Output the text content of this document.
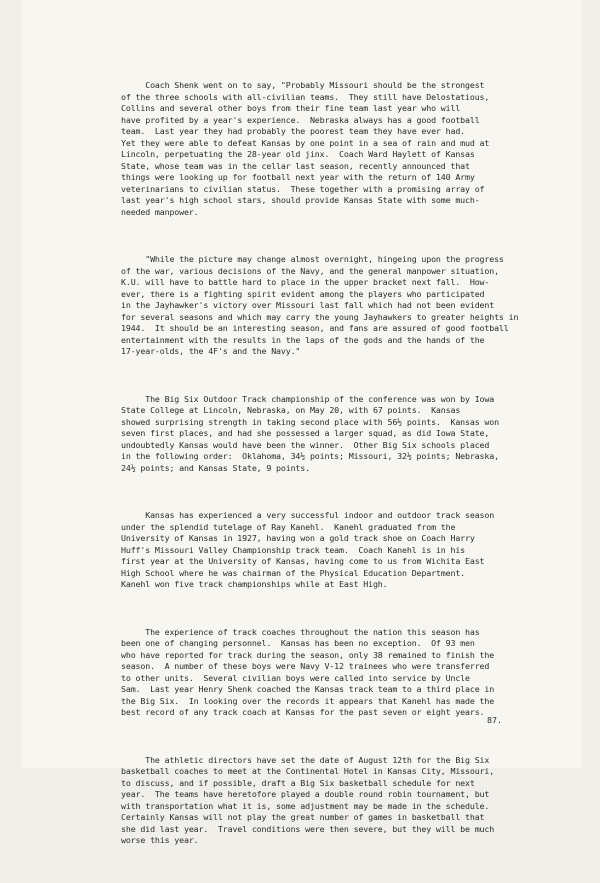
Coach Shenk went on to say, "Probably Missouri should be the strongest
of the three schools with all-civilian teams.  They still have Delostatious,
Collins and several other boys from their fine team last year who will
have profited by a year's experience.  Nebraska always has a good football
team.  Last year they had probably the poorest team they have ever had.
Yet they were able to defeat Kansas by one point in a sea of rain and mud at
Lincoln, perpetuating the 28-year old jinx.  Coach Ward Haylett of Kansas
State, whose team was in the cellar last season, recently announced that
things were looking up for football next year with the return of 140 Army
veterinarians to civilian status.  These together with a promising array of
last year's high school stars, should provide Kansas State with some much-
needed manpower.

"While the picture may change almost overnight, hingeing upon the progress
of the war, various decisions of the Navy, and the general manpower situation,
K.U. will have to battle hard to place in the upper bracket next fall.  How-
ever, there is a fighting spirit evident among the players who participated
in the Jayhawker's victory over Missouri last fall which had not been evident
for several seasons and which may carry the young Jayhawkers to greater heights in
1944.  It should be an interesting season, and fans are assured of good football
entertainment with the results in the laps of the gods and the hands of the
17-year-olds, the 4F's and the Navy."

The Big Six Outdoor Track championship of the conference was won by Iowa
State College at Lincoln, Nebraska, on May 20, with 67 points.  Kansas
showed surprising strength in taking second place with 56½ points.  Kansas won
seven first places, and had she possessed a larger squad, as did Iowa State,
undoubtedly Kansas would have been the winner.  Other Big Six schools placed
in the following order:  Oklahoma, 34½ points; Missouri, 32½ points; Nebraska,
24½ points; and Kansas State, 9 points.

Kansas has experienced a very successful indoor and outdoor track season
under the splendid tutelage of Ray Kanehl.  Kanehl graduated from the
University of Kansas in 1927, having won a gold track shoe on Coach Harry
Huff's Missouri Valley Championship track team.  Coach Kanehl is in his
first year at the University of Kansas, having come to us from Wichita East
High School where he was chairman of the Physical Education Department.
Kanehl won five track championships while at East High.

The experience of track coaches throughout the nation this season has
been one of changing personnel.  Kansas has been no exception.  Of 93 men
who have reported for track during the season, only 38 remained to finish the
season.  A number of these boys were Navy V-12 trainees who were transferred
to other units.  Several civilian boys were called into service by Uncle
Sam.  Last year Henry Shenk coached the Kansas track team to a third place in
the Big Six.  In looking over the records it appears that Kanehl has made the
best record of any track coach at Kansas for the past seven or eight years.

The athletic directors have set the date of August 12th for the Big Six
basketball coaches to meet at the Continental Hotel in Kansas City, Missouri,
to discuss, and if possible, draft a Big Six basketball schedule for next
year.  The teams have heretofore played a double round robin tournament, but
with transportation what it is, some adjustment may be made in the schedule.
Certainly Kansas will not play the great number of games in basketball that
she did last year.  Travel conditions were then severe, but they will be much
worse this year.

87.
